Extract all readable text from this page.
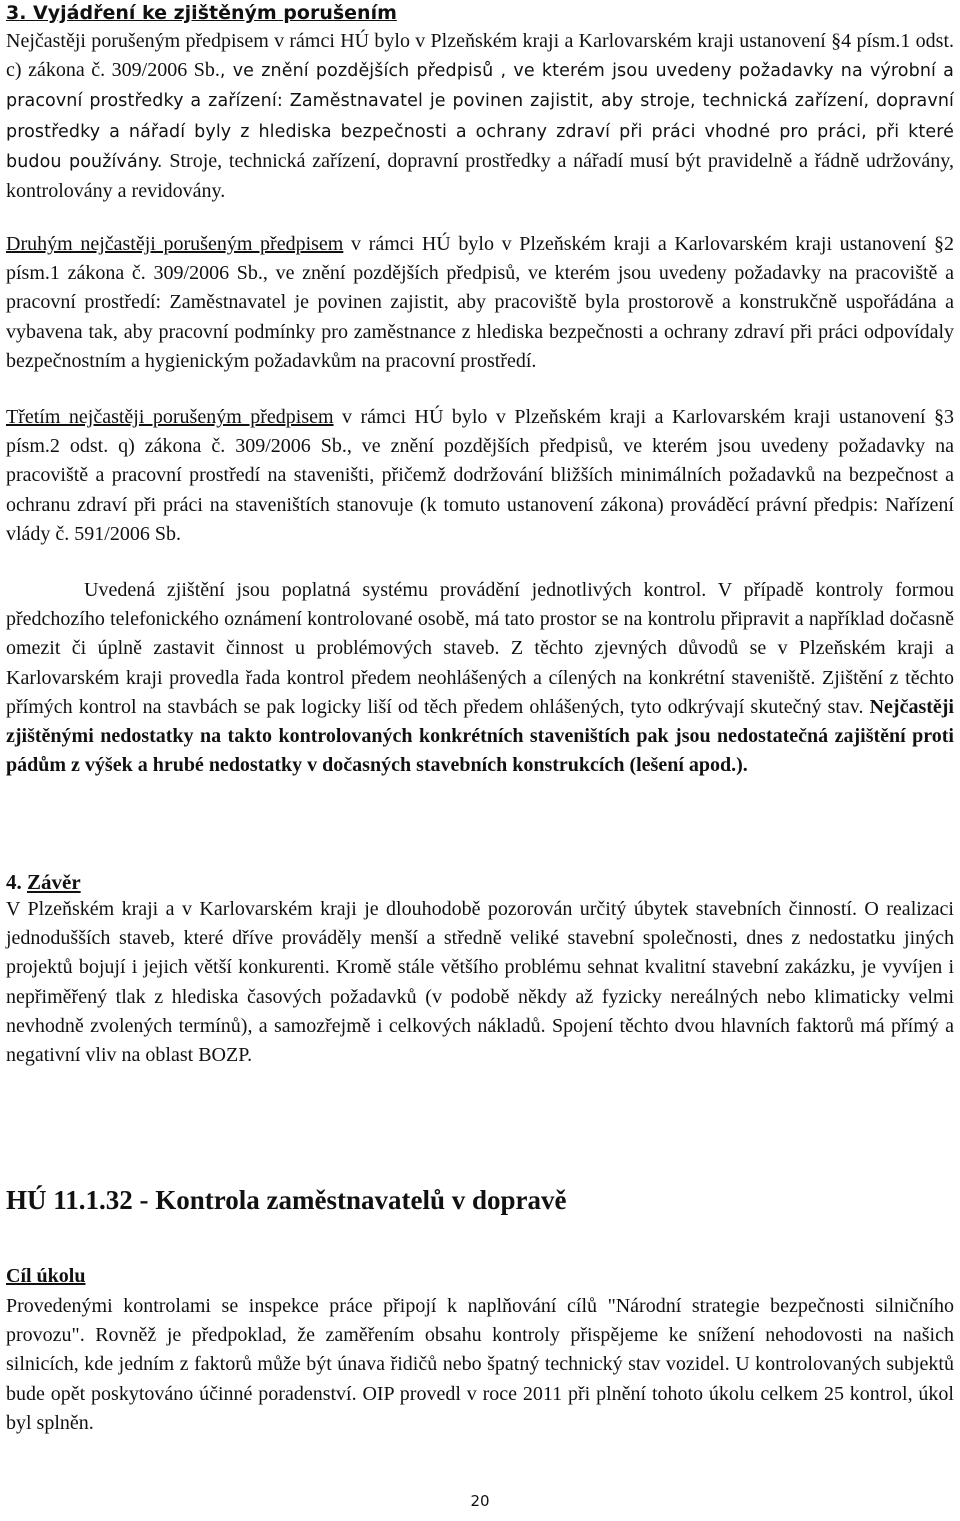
3. Vyjádření ke zjištěným porušením

Nejčastěji porušeným předpisem v rámci HÚ bylo v Plzeňském kraji a Karlovarském kraji ustanovení §4 písm.1 odst. c) zákona č. 309/2006 Sb., ve znění pozdějších předpisů , ve kterém jsou uvedeny požadavky na výrobní a pracovní prostředky a zařízení: Zaměstnavatel je povinen zajistit, aby stroje, technická zařízení, dopravní prostředky a nářadí byly z hlediska bezpečnosti a ochrany zdraví při práci vhodné pro práci, při které budou používány. Stroje, technická zařízení, dopravní prostředky a nářadí musí být pravidelně a řádně udržovány, kontrolovány a revidovány.

Druhým nejčastěji porušeným předpisem v rámci HÚ bylo v Plzeňském kraji a Karlovarském kraji ustanovení §2 písm.1 zákona č. 309/2006 Sb., ve znění pozdějších předpisů, ve kterém jsou uvedeny požadavky na pracoviště a pracovní prostředí: Zaměstnavatel je povinen zajistit, aby pracoviště byla prostorově a konstrukčně uspořádána a vybavena tak, aby pracovní podmínky pro zaměstnance z hlediska bezpečnosti a ochrany zdraví při práci odpovídaly bezpečnostním a hygienickým požadavkům na pracovní prostředí.

Třetím nejčastěji porušeným předpisem v rámci HÚ bylo v Plzeňském kraji a Karlovarském kraji ustanovení §3 písm.2 odst. q) zákona č. 309/2006 Sb., ve znění pozdějších předpisů, ve kterém jsou uvedeny požadavky na pracoviště a pracovní prostředí na staveništi, přičemž dodržování bližších minimálních požadavků na bezpečnost a ochranu zdraví při práci na staveništích stanovuje (k tomuto ustanovení zákona) prováděcí právní předpis: Nařízení vlády č. 591/2006 Sb.

Uvedená zjištění jsou poplatná systému provádění jednotlivých kontrol. V případě kontroly formou předchozího telefonického oznámení kontrolované osobě, má tato prostor se na kontrolu připravit a například dočasně omezit či úplně zastavit činnost u problémových staveb. Z těchto zjevných důvodů se v Plzeňském kraji a Karlovarském kraji provedla řada kontrol předem neohlášených a cílených na konkrétní staveniště. Zjištění z těchto přímých kontrol na stavbách se pak logicky liší od těch předem ohlášených, tyto odkrývají skutečný stav. Nejčastěji zjištěnými nedostatky na takto kontrolovaných konkrétních staveništích pak jsou nedostatečná zajištění proti pádům z výšek a hrubé nedostatky v dočasných stavebních konstrukcích (lešení apod.).

4. Závěr

V Plzeňském kraji a v Karlovarském kraji je dlouhodobě pozorován určitý úbytek stavebních činností. O realizaci jednodušších staveb, které dříve prováděly menší a středně veliké stavební společnosti, dnes z nedostatku jiných projektů bojují i jejich větší konkurenti. Kromě stále většího problému sehnat kvalitní stavební zakázku, je vyvíjen i nepřiměřený tlak z hlediska časových požadavků (v podobě někdy až fyzicky nereálných nebo klimaticky velmi nevhodně zvolených termínů), a samozřejmě i celkových nákladů. Spojení těchto dvou hlavních faktorů má přímý a negativní vliv na oblast BOZP.

HÚ 11.1.32 - Kontrola zaměstnavatelů v dopravě
Cíl úkolu

Provedenými kontrolami se inspekce práce připojí k naplňování cílů "Národní strategie bezpečnosti silničního provozu". Rovněž je předpoklad, že zaměřením obsahu kontroly přispějeme ke snížení nehodovosti na našich silnicích, kde jedním z faktorů může být únava řidičů nebo špatný technický stav vozidel. U kontrolovaných subjektů bude opět poskytováno účinné poradenství. OIP provedl v roce 2011 při plnění tohoto úkolu celkem 25 kontrol, úkol byl splněn.

20
